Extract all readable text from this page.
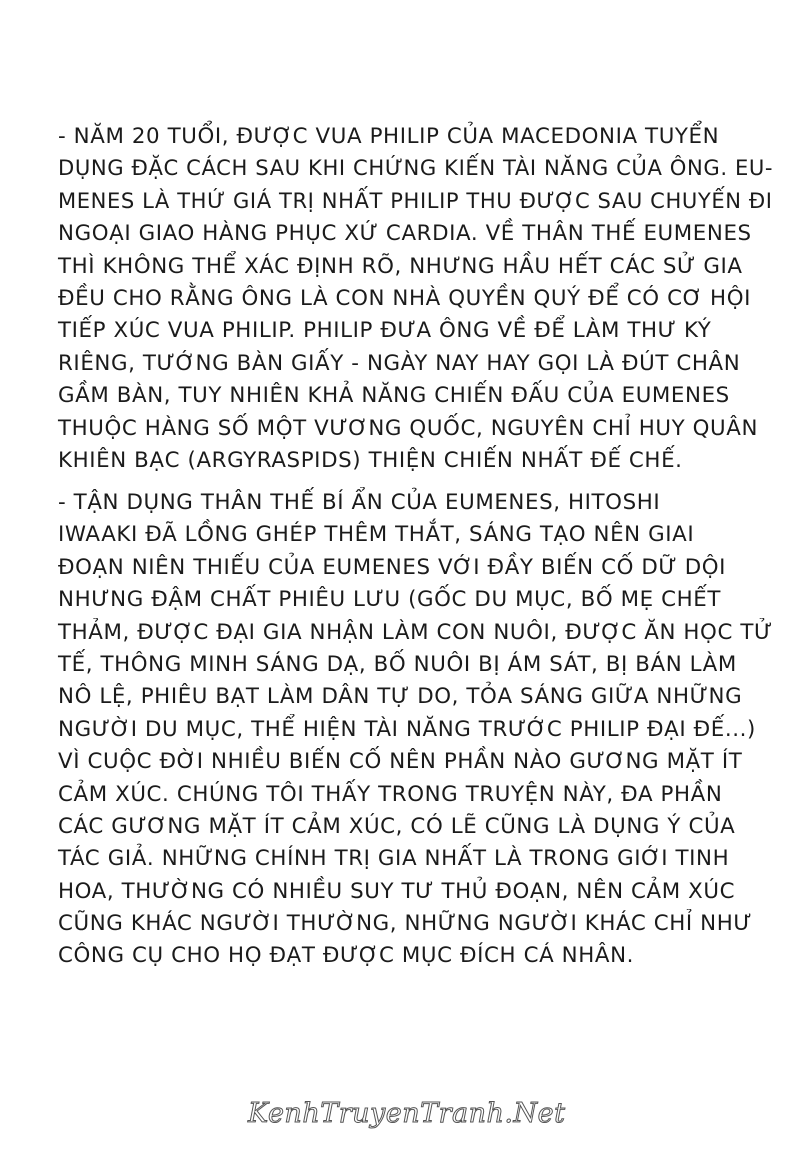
- NĂM 20 TUỔI, ĐƯỢC VUA PHILIP CỦA MACEDONIA TUYỂN
DỤNG ĐẶC CÁCH SAU KHI CHỨNG KIẾN TÀI NĂNG CỦA ÔNG. EU-
MENES LÀ THỨ GIÁ TRỊ NHẤT PHILIP THU ĐƯỢC SAU CHUYẾN ĐI
NGOẠI GIAO HÀNG PHỤC XỨ CARDIA. VỀ THÂN THẾ EUMENES
THÌ KHÔNG THỂ XÁC ĐỊNH RÕ, NHƯNG HẦU HẾT CÁC SỬ GIA
ĐỀU CHO RẰNG ÔNG LÀ CON NHÀ QUYỀN QUÝ ĐỂ CÓ CƠ HỘI
TIẾP XÚC VUA PHILIP. PHILIP ĐƯA ÔNG VỀ ĐỂ LÀM THƯ KÝ
RIÊNG, TƯỚNG BÀN GIẤY - NGÀY NAY HAY GỌI LÀ ĐÚT CHÂN
GẦM BÀN, TUY NHIÊN KHẢ NĂNG CHIẾN ĐẤU CỦA EUMENES
THUỘC HÀNG SỐ MỘT VƯƠNG QUỐC, NGUYÊN CHỈ HUY QUÂN
KHIÊN BẠC (ARGYRASPIDS) THIỆN CHIẾN NHẤT ĐẾ CHẾ.
- TẬN DỤNG THÂN THẾ BÍ ẨN CỦA EUMENES, HITOSHI
IWAAKI ĐÃ LỒNG GHÉP THÊM THẮT, SÁNG TẠO NÊN GIAI
ĐOẠN NIÊN THIẾU CỦA EUMENES VỚI ĐẦY BIẾN CỐ DỮ DỘI
NHƯNG ĐẬM CHẤT PHIÊU LƯU (GỐC DU MỤC, BỐ MẸ CHẾT
THẢM, ĐƯỢC ĐẠI GIA NHẬN LÀM CON NUÔI, ĐƯỢC ĂN HỌC TỬ
TẾ, THÔNG MINH SÁNG DẠ, BỐ NUÔI BỊ ÁM SÁT, BỊ BÁN LÀM
NÔ LỆ, PHIÊU BẠT LÀM DÂN TỰ DO, TỎA SÁNG GIỮA NHỮNG
NGƯỜI DU MỤC, THỂ HIỆN TÀI NĂNG TRƯỚC PHILIP ĐẠI ĐẾ...)
VÌ CUỘC ĐỜI NHIỀU BIẾN CỐ NÊN PHẦN NÀO GƯƠNG MẶT ÍT
CẢM XÚC. CHÚNG TÔI THẤY TRONG TRUYỆN NÀY, ĐA PHẦN
CÁC GƯƠNG MẶT ÍT CẢM XÚC, CÓ LẼ CŨNG LÀ DỤNG Ý CỦA
TÁC GIẢ. NHỮNG CHÍNH TRỊ GIA NHẤT LÀ TRONG GIỚI TINH
HOA, THƯỜNG CÓ NHIỀU SUY TƯ THỦ ĐOẠN, NÊN CẢM XÚC
CŨNG KHÁC NGƯỜI THƯỜNG, NHỮNG NGƯỜI KHÁC CHỈ NHƯ
CÔNG CỤ CHO HỌ ĐẠT ĐƯỢC MỤC ĐÍCH CÁ NHÂN.
KenhTruyenTranh.Net
